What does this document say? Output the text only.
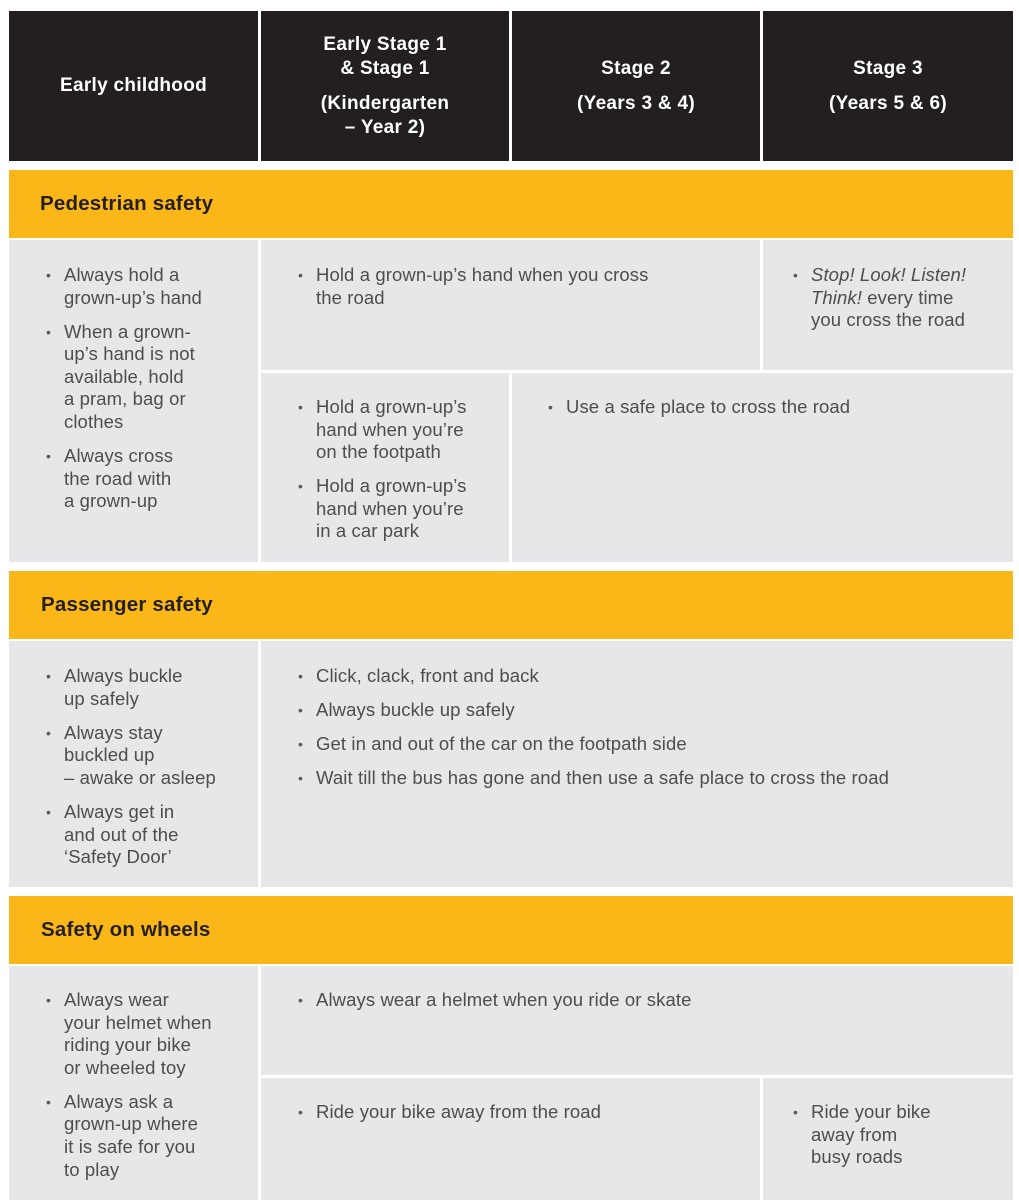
Early childhood
Early Stage 1
& Stage 1
(Kindergarten
– Year 2)
Stage 2
(Years 3 & 4)
Stage 3
(Years 5 & 6)
Pedestrian safety
• Always hold a
grown-up’s hand
• When a grown-
up’s hand is not
available, hold
a pram, bag or
clothes
• Always cross
the road with
a grown-up
• Hold a grown-up’s hand when you cross
the road
• Stop! Look! Listen!
Think! every time
you cross the road
• Hold a grown-up’s
hand when you’re
on the footpath
• Hold a grown-up’s
hand when you’re
in a car park
• Use a safe place to cross the road
Passenger safety
• Always buckle
up safely
• Always stay
buckled up
– awake or asleep
• Always get in
and out of the
‘Safety Door’
• Click, clack, front and back
• Always buckle up safely
• Get in and out of the car on the footpath side
• Wait till the bus has gone and then use a safe place to cross the road
Safety on wheels
• Always wear
your helmet when
riding your bike
or wheeled toy
• Always ask a
grown-up where
it is safe for you
to play
• Always wear a helmet when you ride or skate
• Ride your bike away from the road
•	Ride your bike
away from
busy roads
